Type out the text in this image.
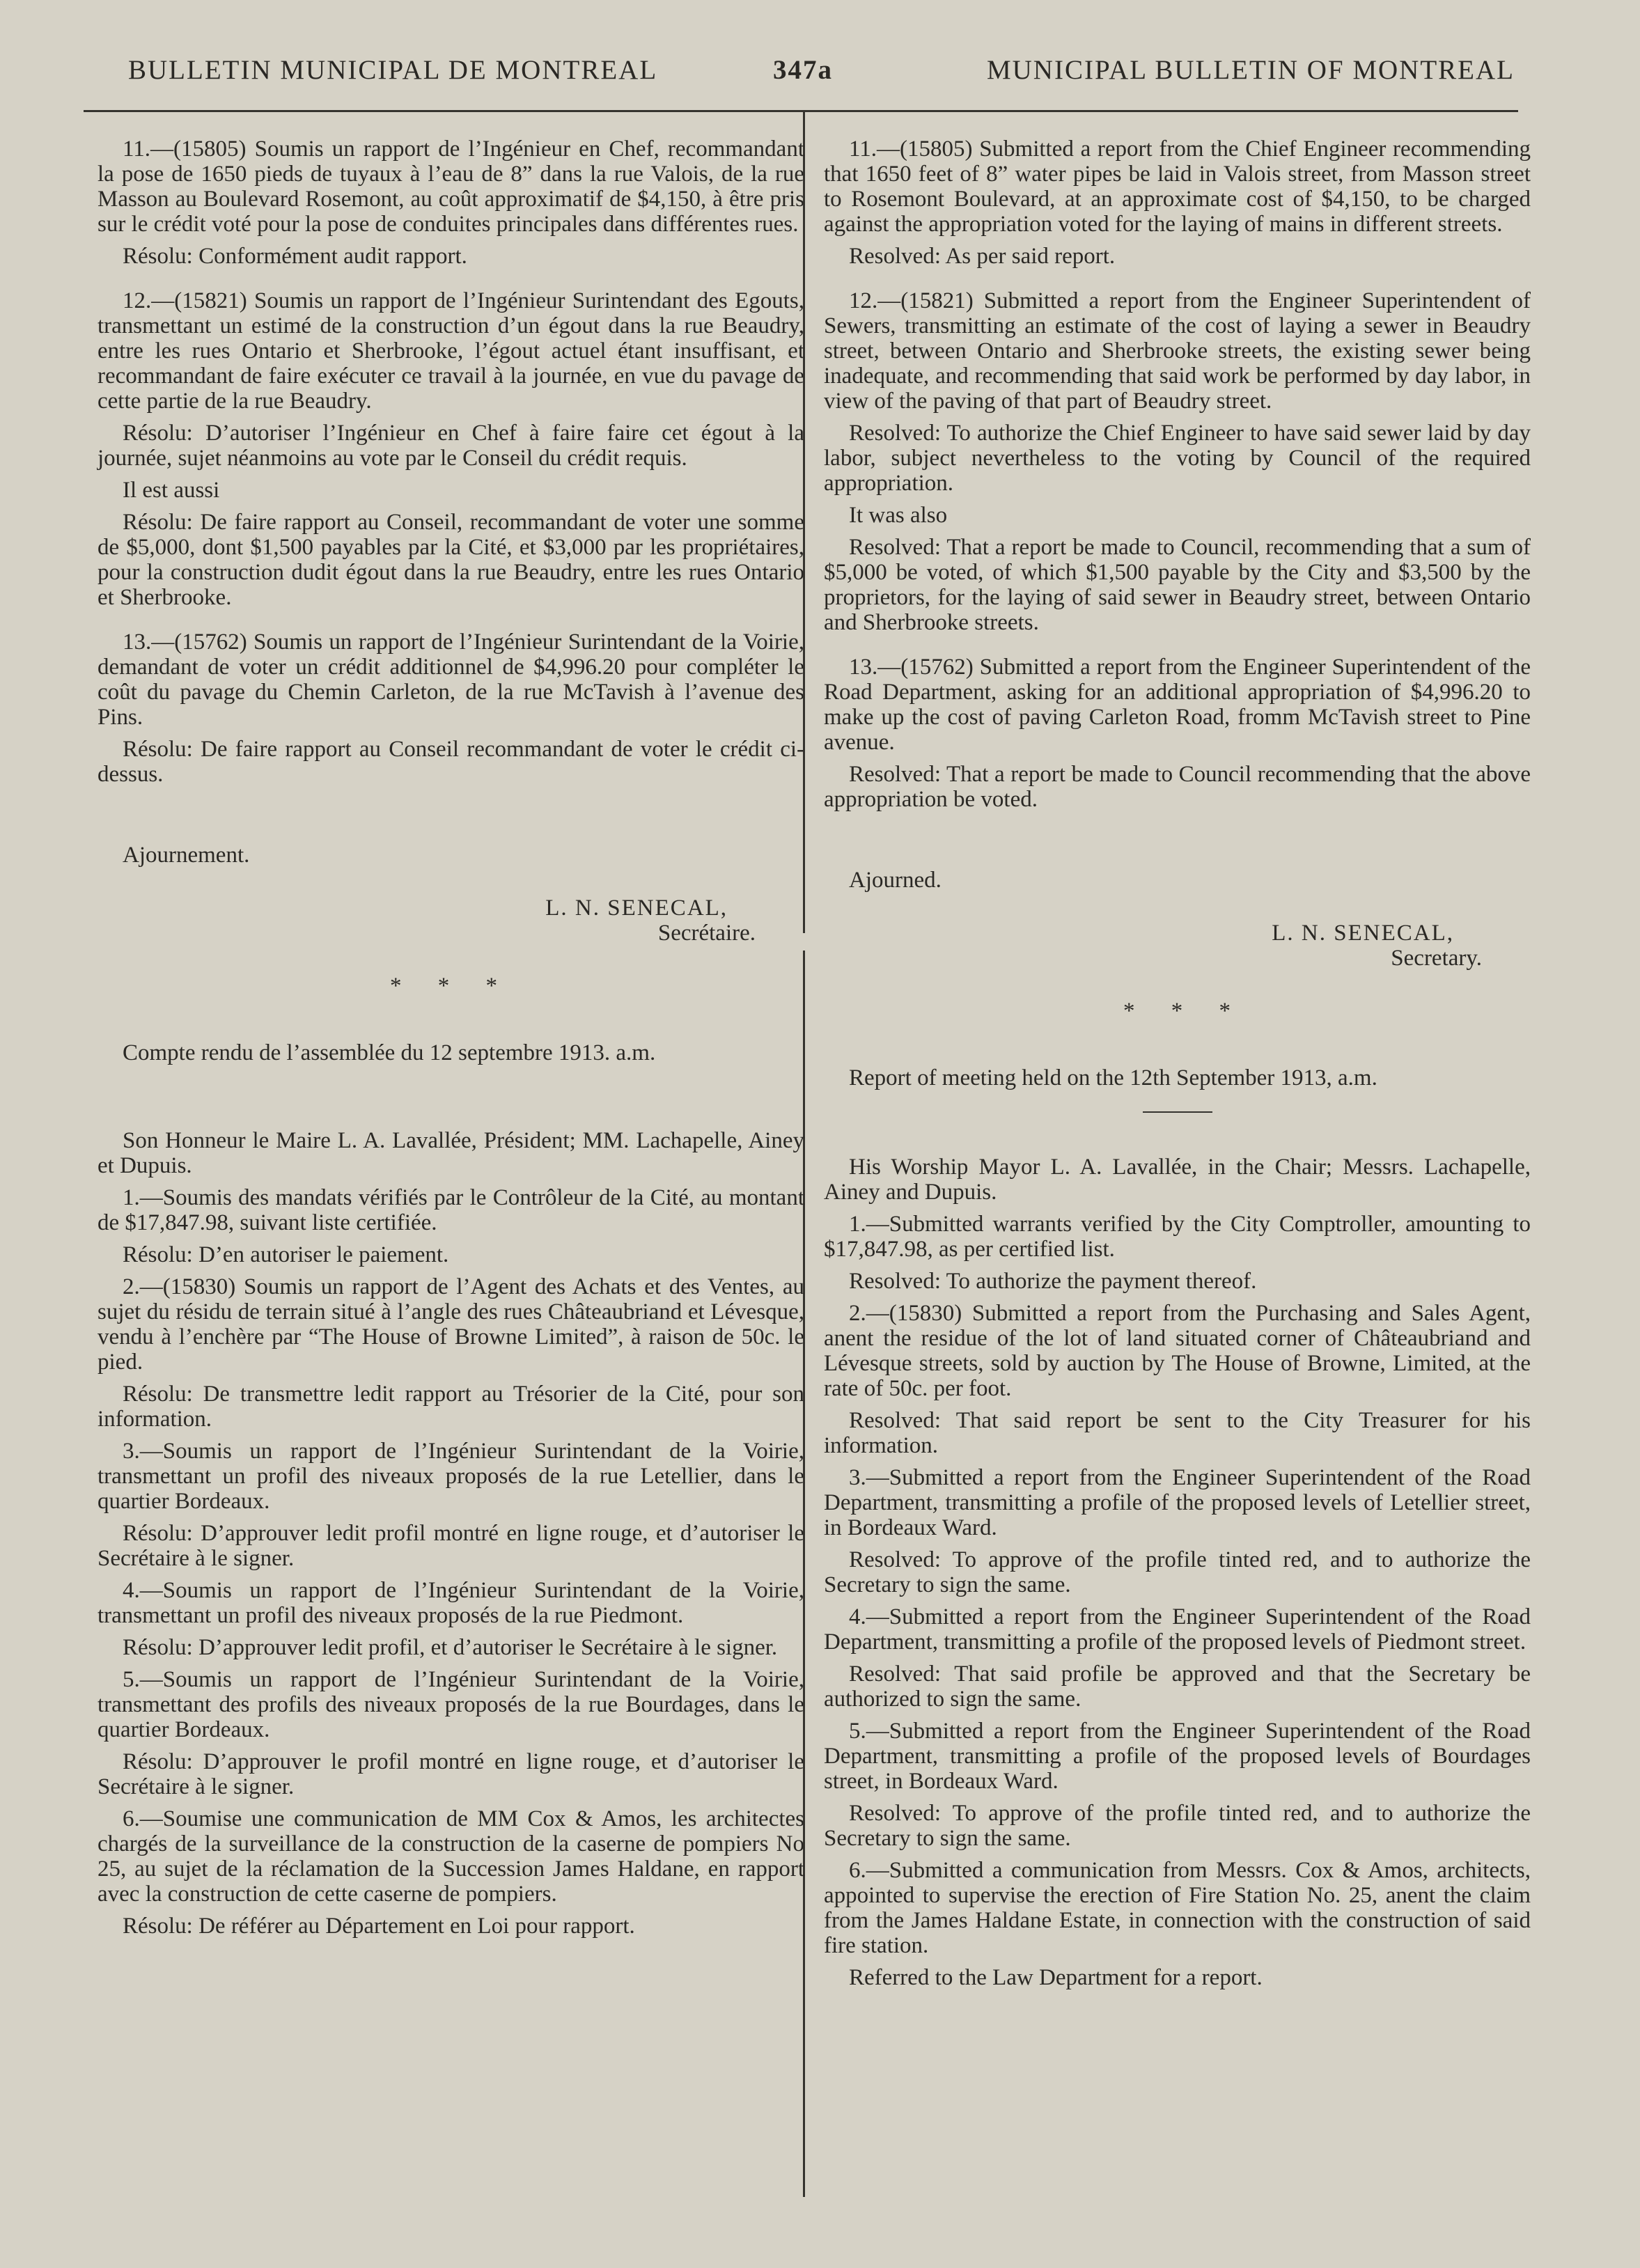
BULLETIN MUNICIPAL DE MONTREAL	347a	MUNICIPAL BULLETIN OF MONTREAL

11.—(15805) Soumis un rapport de l’Ingénieur en Chef, recommandant la pose de 1650 pieds de tuyaux à l’eau de 8” dans la rue Valois, de la rue Masson au Boulevard Rosemont, au coût approximatif de $4,150, à être pris sur le crédit voté pour la pose de conduites principales dans différentes rues.

Résolu: Conformément audit rapport.

12.—(15821) Soumis un rapport de l’Ingénieur Surintendant des Egouts, transmettant un estimé de la construction d’un égout dans la rue Beaudry, entre les rues Ontario et Sherbrooke, l’égout actuel étant insuffisant, et recommandant de faire exécuter ce travail à la journée, en vue du pavage de cette partie de la rue Beaudry.

Résolu: D’autoriser l’Ingénieur en Chef à faire faire cet égout à la journée, sujet néanmoins au vote par le Conseil du crédit requis.

Il est aussi

Résolu: De faire rapport au Conseil, recommandant de voter une somme de $5,000, dont $1,500 payables par la Cité, et $3,000 par les propriétaires, pour la construction dudit égout dans la rue Beaudry, entre les rues Ontario et Sherbrooke.

13.—(15762) Soumis un rapport de l’Ingénieur Surintendant de la Voirie, demandant de voter un crédit additionnel de $4,996.20 pour compléter le coût du pavage du Chemin Carleton, de la rue McTavish à l’avenue des Pins.

Résolu: De faire rapport au Conseil recommandant de voter le crédit ci-dessus.

Ajournement.

L. N. SENECAL,

Secrétaire.

* * *

Compte rendu de l’assemblée du 12 septembre 1913. a.m.

Son Honneur le Maire L. A. Lavallée, Président; MM. Lachapelle, Ainey et Dupuis.

1.—Soumis des mandats vérifiés par le Contrôleur de la Cité, au montant de $17,847.98, suivant liste certifiée.

Résolu: D’en autoriser le paiement.

2.—(15830) Soumis un rapport de l’Agent des Achats et des Ventes, au sujet du résidu de terrain situé à l’angle des rues Châteaubriand et Lévesque, vendu à l’enchère par “The House of Browne Limited”, à raison de 50c. le pied.

Résolu: De transmettre ledit rapport au Trésorier de la Cité, pour son information.

3.—Soumis un rapport de l’Ingénieur Surintendant de la Voirie, transmettant un profil des niveaux proposés de la rue Letellier, dans le quartier Bordeaux.

Résolu: D’approuver ledit profil montré en ligne rouge, et d’autoriser le Secrétaire à le signer.

4.—Soumis un rapport de l’Ingénieur Surintendant de la Voirie, transmettant un profil des niveaux proposés de la rue Piedmont.

Résolu: D’approuver ledit profil, et d’autoriser le Secrétaire à le signer.

5.—Soumis un rapport de l’Ingénieur Surintendant de la Voirie, transmettant des profils des niveaux proposés de la rue Bourdages, dans le quartier Bordeaux.

Résolu: D’approuver le profil montré en ligne rouge, et d’autoriser le Secrétaire à le signer.

6.—Soumise une communication de MM Cox & Amos, les architectes chargés de la surveillance de la construction de la caserne de pompiers No 25, au sujet de la réclamation de la Succession James Haldane, en rapport avec la construction de cette caserne de pompiers.

Résolu: De référer au Département en Loi pour rapport.

11.—(15805) Submitted a report from the Chief Engineer recommending that 1650 feet of 8” water pipes be laid in Valois street, from Masson street to Rosemont Boulevard, at an approximate cost of $4,150, to be charged against the appropriation voted for the laying of mains in different streets.

Resolved: As per said report.

12.—(15821) Submitted a report from the Engineer Superintendent of Sewers, transmitting an estimate of the cost of laying a sewer in Beaudry street, between Ontario and Sherbrooke streets, the existing sewer being inadequate, and recommending that said work be performed by day labor, in view of the paving of that part of Beaudry street.

Resolved: To authorize the Chief Engineer to have said sewer laid by day labor, subject nevertheless to the voting by Council of the required appropriation.

It was also

Resolved: That a report be made to Council, recommending that a sum of $5,000 be voted, of which $1,500 payable by the City and $3,500 by the proprietors, for the laying of said sewer in Beaudry street, between Ontario and Sherbrooke streets.

13.—(15762) Submitted a report from the Engineer Superintendent of the Road Department, asking for an additional appropriation of $4,996.20 to make up the cost of paving Carleton Road, fromm McTavish street to Pine avenue.

Resolved: That a report be made to Council recommending that the above appropriation be voted.

Ajourned.

L. N. SENECAL,

Secretary.

* * *

Report of meeting held on the 12th September 1913, a.m.

His Worship Mayor L. A. Lavallée, in the Chair; Messrs. Lachapelle, Ainey and Dupuis.

1.—Submitted warrants verified by the City Comptroller, amounting to $17,847.98, as per certified list.

Resolved: To authorize the payment thereof.

2.—(15830) Submitted a report from the Purchasing and Sales Agent, anent the residue of the lot of land situated corner of Châteaubriand and Lévesque streets, sold by auction by The House of Browne, Limited, at the rate of 50c. per foot.

Resolved: That said report be sent to the City Treasurer for his information.

3.—Submitted a report from the Engineer Superintendent of the Road Department, transmitting a profile of the proposed levels of Letellier street, in Bordeaux Ward.

Resolved: To approve of the profile tinted red, and to authorize the Secretary to sign the same.

4.—Submitted a report from the Engineer Superintendent of the Road Department, transmitting a profile of the proposed levels of Piedmont street.

Resolved: That said profile be approved and that the Secretary be authorized to sign the same.

5.—Submitted a report from the Engineer Superintendent of the Road Department, transmitting a profile of the proposed levels of Bourdages street, in Bordeaux Ward.

Resolved: To approve of the profile tinted red, and to authorize the Secretary to sign the same.

6.—Submitted a communication from Messrs. Cox & Amos, architects, appointed to supervise the erection of Fire Station No. 25, anent the claim from the James Haldane Estate, in connection with the construction of said fire station.

Referred to the Law Department for a report.
